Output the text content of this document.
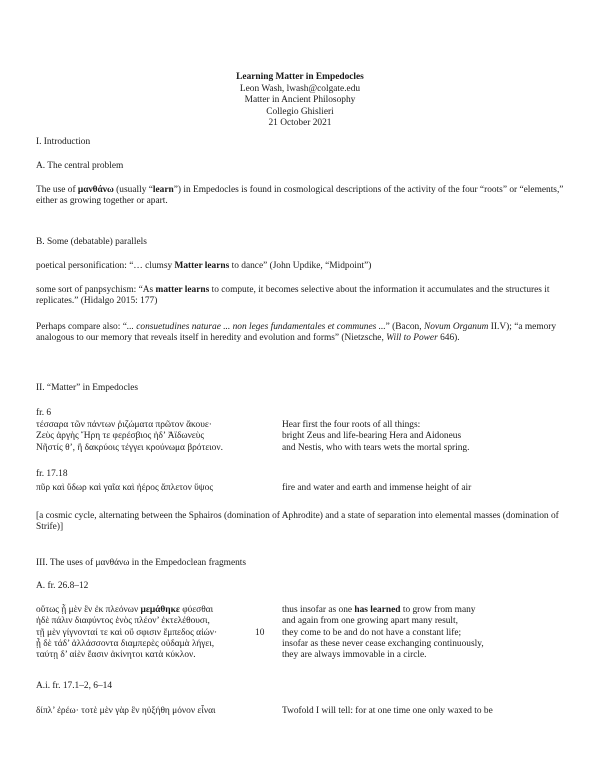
Learning Matter in Empedocles
Leon Wash, lwash@colgate.edu
Matter in Ancient Philosophy
Collegio Ghislieri
21 October 2021
I. Introduction
A. The central problem

The use of μανθάνω (usually “learn”) in Empedocles is found in cosmological descriptions of the activity of the four “roots” or “elements,” either as growing together or apart.

B. Some (debatable) parallels

poetical personification: “… clumsy Matter learns to dance” (John Updike, “Midpoint”)

some sort of panpsychism: “As matter learns to compute, it becomes selective about the information it accumulates and the structures it replicates.” (Hidalgo 2015: 177)

Perhaps compare also: “... consuetudines naturae ... non leges fundamentales et communes ...” (Bacon, Novum Organum II.V); “a memory analogous to our memory that reveals itself in heredity and evolution and forms” (Nietzsche, Will to Power 646).

II. “Matter” in Empedocles
fr. 6
τέσσαρα τῶν πάντων ῥιζώματα πρῶτον ἄκουε·
Ζεὺς ἀργὴς Ἥρη τε φερέσβιος ἠδ’ Ἀϊδωνεὺς
Νῆστίς θ’, ἣ δακρύοις τέγγει κρούνωμα βρότειον.
Hear first the four roots of all things:
bright Zeus and life-bearing Hera and Aidoneus
and Nestis, who with tears wets the mortal spring.
fr. 17.18
πῦρ καὶ ὕδωρ καὶ γαῖα καὶ ἠέρος ἄπλετον ὕψος	fire and water and earth and immense height of air
[a cosmic cycle, alternating between the Sphairos (domination of Aphrodite) and a state of separation into elemental masses (domination of Strife)]
III. The uses of μανθάνω in the Empedoclean fragments
A. fr. 26.8–12
οὕτως ᾗ μὲν ἓν ἐκ πλεόνων μεμάθηκε φύεσθαι
ἠδὲ πάλιν διαφύντος ἑνὸς πλέον’ ἐκτελέθουσι,
τῇ μὲν γίγνονταί τε καὶ οὔ σφισιν ἔμπεδος αἰών·
ᾗ δὲ τάδ’ ἀλλάσσοντα διαμπερὲς οὐδαμὰ λήγει,
ταύτῃ δ’ αἰὲν ἔασιν ἀκίνητοι κατὰ κύκλον.
10
thus insofar as one has learned to grow from many
and again from one growing apart many result,
they come to be and do not have a constant life;
insofar as these never cease exchanging continuously,
they are always immovable in a circle.
A.i. fr. 17.1–2, 6–14
δίπλ’ ἐρέω· τοτὲ μὲν γὰρ ἓν ηὐξήθη μόνον εἶναι	Twofold I will tell: for at one time one only waxed to be
